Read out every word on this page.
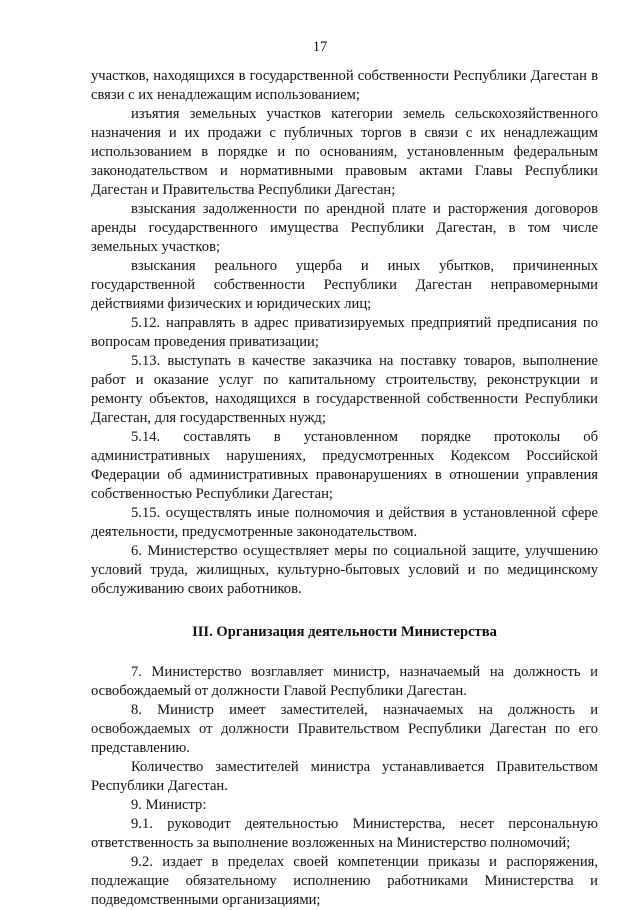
17

участков, находящихся в государственной собственности Республики Дагестан в связи с их ненадлежащим использованием;

изъятия земельных участков категории земель сельскохозяйственного назначения и их продажи с публичных торгов в связи с их ненадлежащим использованием в порядке и по основаниям, установленным федеральным законодательством и нормативными правовым актами Главы Республики Дагестан и Правительства Республики Дагестан;

взыскания задолженности по арендной плате и расторжения договоров аренды государственного имущества Республики Дагестан, в том числе земельных участков;

взыскания реального ущерба и иных убытков, причиненных государственной собственности Республики Дагестан неправомерными действиями физических и юридических лиц;

5.12. направлять в адрес приватизируемых предприятий предписания по вопросам проведения приватизации;

5.13. выступать в качестве заказчика на поставку товаров, выполнение работ и оказание услуг по капитальному строительству, реконструкции и ремонту объектов, находящихся в государственной собственности Республики Дагестан, для государственных нужд;

5.14. составлять в установленном порядке протоколы об административных нарушениях, предусмотренных Кодексом Российской Федерации об административных правонарушениях в отношении управления собственностью Республики Дагестан;

5.15. осуществлять иные полномочия и действия в установленной сфере деятельности, предусмотренные законодательством.

6. Министерство осуществляет меры по социальной защите, улучшению условий труда, жилищных, культурно-бытовых условий и по медицинскому обслуживанию своих работников.

III. Организация деятельности Министерства

7. Министерство возглавляет министр, назначаемый на должность и освобождаемый от должности Главой Республики Дагестан.

8. Министр имеет заместителей, назначаемых на должность и освобождаемых от должности Правительством Республики Дагестан по его представлению.

Количество заместителей министра устанавливается Правительством Республики Дагестан.

9. Министр:

9.1. руководит деятельностью Министерства, несет персональную ответственность за выполнение возложенных на Министерство полномочий;

9.2. издает в пределах своей компетенции приказы и распоряжения, подлежащие обязательному исполнению работниками Министерства и подведомственными организациями;
